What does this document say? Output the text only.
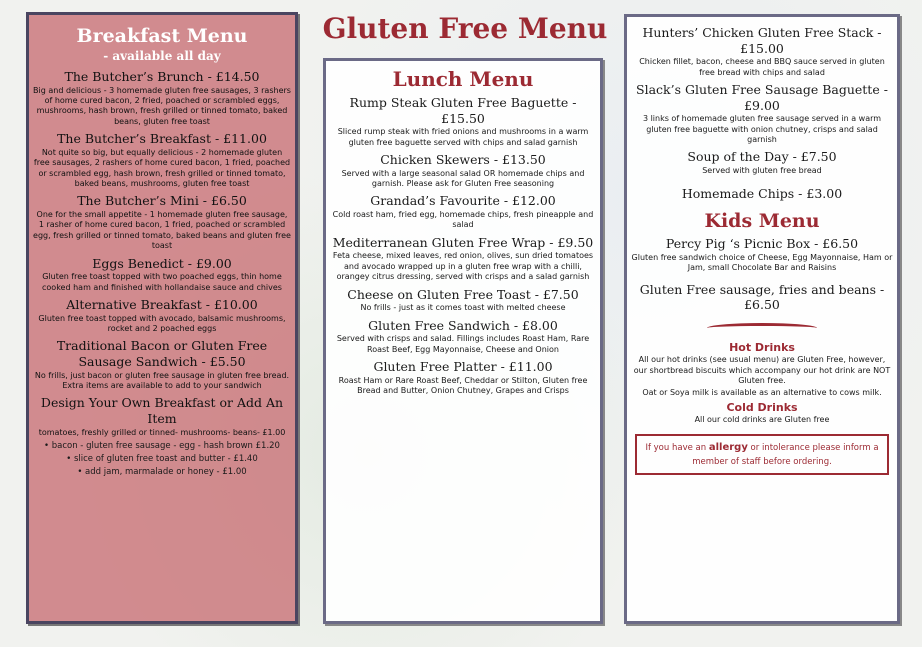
Gluten Free Menu
Breakfast Menu
- available all day
The Butcher’s Brunch - £14.50
Big and delicious - 3 homemade gluten free sausages, 3 rashers of home cured bacon, 2 fried, poached or scrambled eggs, mushrooms, hash brown, fresh grilled or tinned tomato, baked beans, gluten free toast
The Butcher’s Breakfast - £11.00
Not quite so big, but equally delicious - 2 homemade gluten free sausages, 2 rashers of home cured bacon, 1 fried, poached or scrambled egg, hash brown, fresh grilled or tinned tomato, baked beans, mushrooms, gluten free toast
The Butcher’s Mini - £6.50
One for the small appetite - 1 homemade gluten free sausage, 1 rasher of home cured bacon, 1 fried, poached or scrambled egg, fresh grilled or tinned tomato, baked beans and gluten free toast
Eggs Benedict - £9.00
Gluten free toast topped with two poached eggs, thin home cooked ham and finished with hollandaise sauce and chives
Alternative Breakfast - £10.00
Gluten free toast topped with avocado, balsamic mushrooms, rocket and 2 poached eggs
Traditional Bacon or Gluten Free Sausage Sandwich - £5.50
No frills, just bacon or gluten free sausage in gluten free bread. Extra items are available to add to your sandwich
Design Your Own Breakfast or Add An Item
tomatoes, freshly grilled or tinned- mushrooms- beans- £1.00
• bacon - gluten free sausage - egg - hash brown £1.20
• slice of gluten free toast and butter - £1.40
• add jam, marmalade or honey - £1.00
Lunch Menu
Rump Steak Gluten Free Baguette - £15.50
Sliced rump steak with fried onions and mushrooms in a warm gluten free baguette served with chips and salad garnish
Chicken Skewers - £13.50
Served with a large seasonal salad OR homemade chips and garnish. Please ask for Gluten Free seasoning
Grandad’s Favourite - £12.00
Cold roast ham, fried egg, homemade chips, fresh pineapple and salad
Mediterranean Gluten Free Wrap - £9.50
Feta cheese, mixed leaves, red onion, olives, sun dried tomatoes and avocado wrapped up in a gluten free wrap with a chilli, orangey citrus dressing, served with crisps and a salad garnish
Cheese on Gluten Free Toast - £7.50
No frills - just as it comes toast with melted cheese
Gluten Free Sandwich - £8.00
Served with crisps and salad. Fillings includes Roast Ham, Rare Roast Beef, Egg Mayonnaise, Cheese and Onion
Gluten Free Platter - £11.00
Roast Ham or Rare Roast Beef, Cheddar or Stilton, Gluten free Bread and Butter, Onion Chutney, Grapes and Crisps
Hunters’ Chicken Gluten Free Stack - £15.00
Chicken fillet, bacon, cheese and BBQ sauce served in gluten free bread with chips and salad
Slack’s Gluten Free Sausage Baguette - £9.00
3 links of homemade gluten free sausage served in a warm gluten free baguette with onion chutney, crisps and salad garnish
Soup of the Day - £7.50
Served with gluten free bread
Homemade Chips - £3.00
Kids Menu
Percy Pig ‘s Picnic Box - £6.50
Gluten free sandwich choice of Cheese, Egg Mayonnaise, Ham or Jam, small Chocolate Bar and Raisins
Gluten Free sausage, fries and beans - £6.50
Hot Drinks
All our hot drinks (see usual menu) are Gluten Free, however, our shortbread biscuits which accompany our hot drink are NOT Gluten free.
Oat or Soya milk is available as an alternative to cows milk.
Cold Drinks
All our cold drinks are Gluten free
If you have an allergy or intolerance please inform a member of staff before ordering.
